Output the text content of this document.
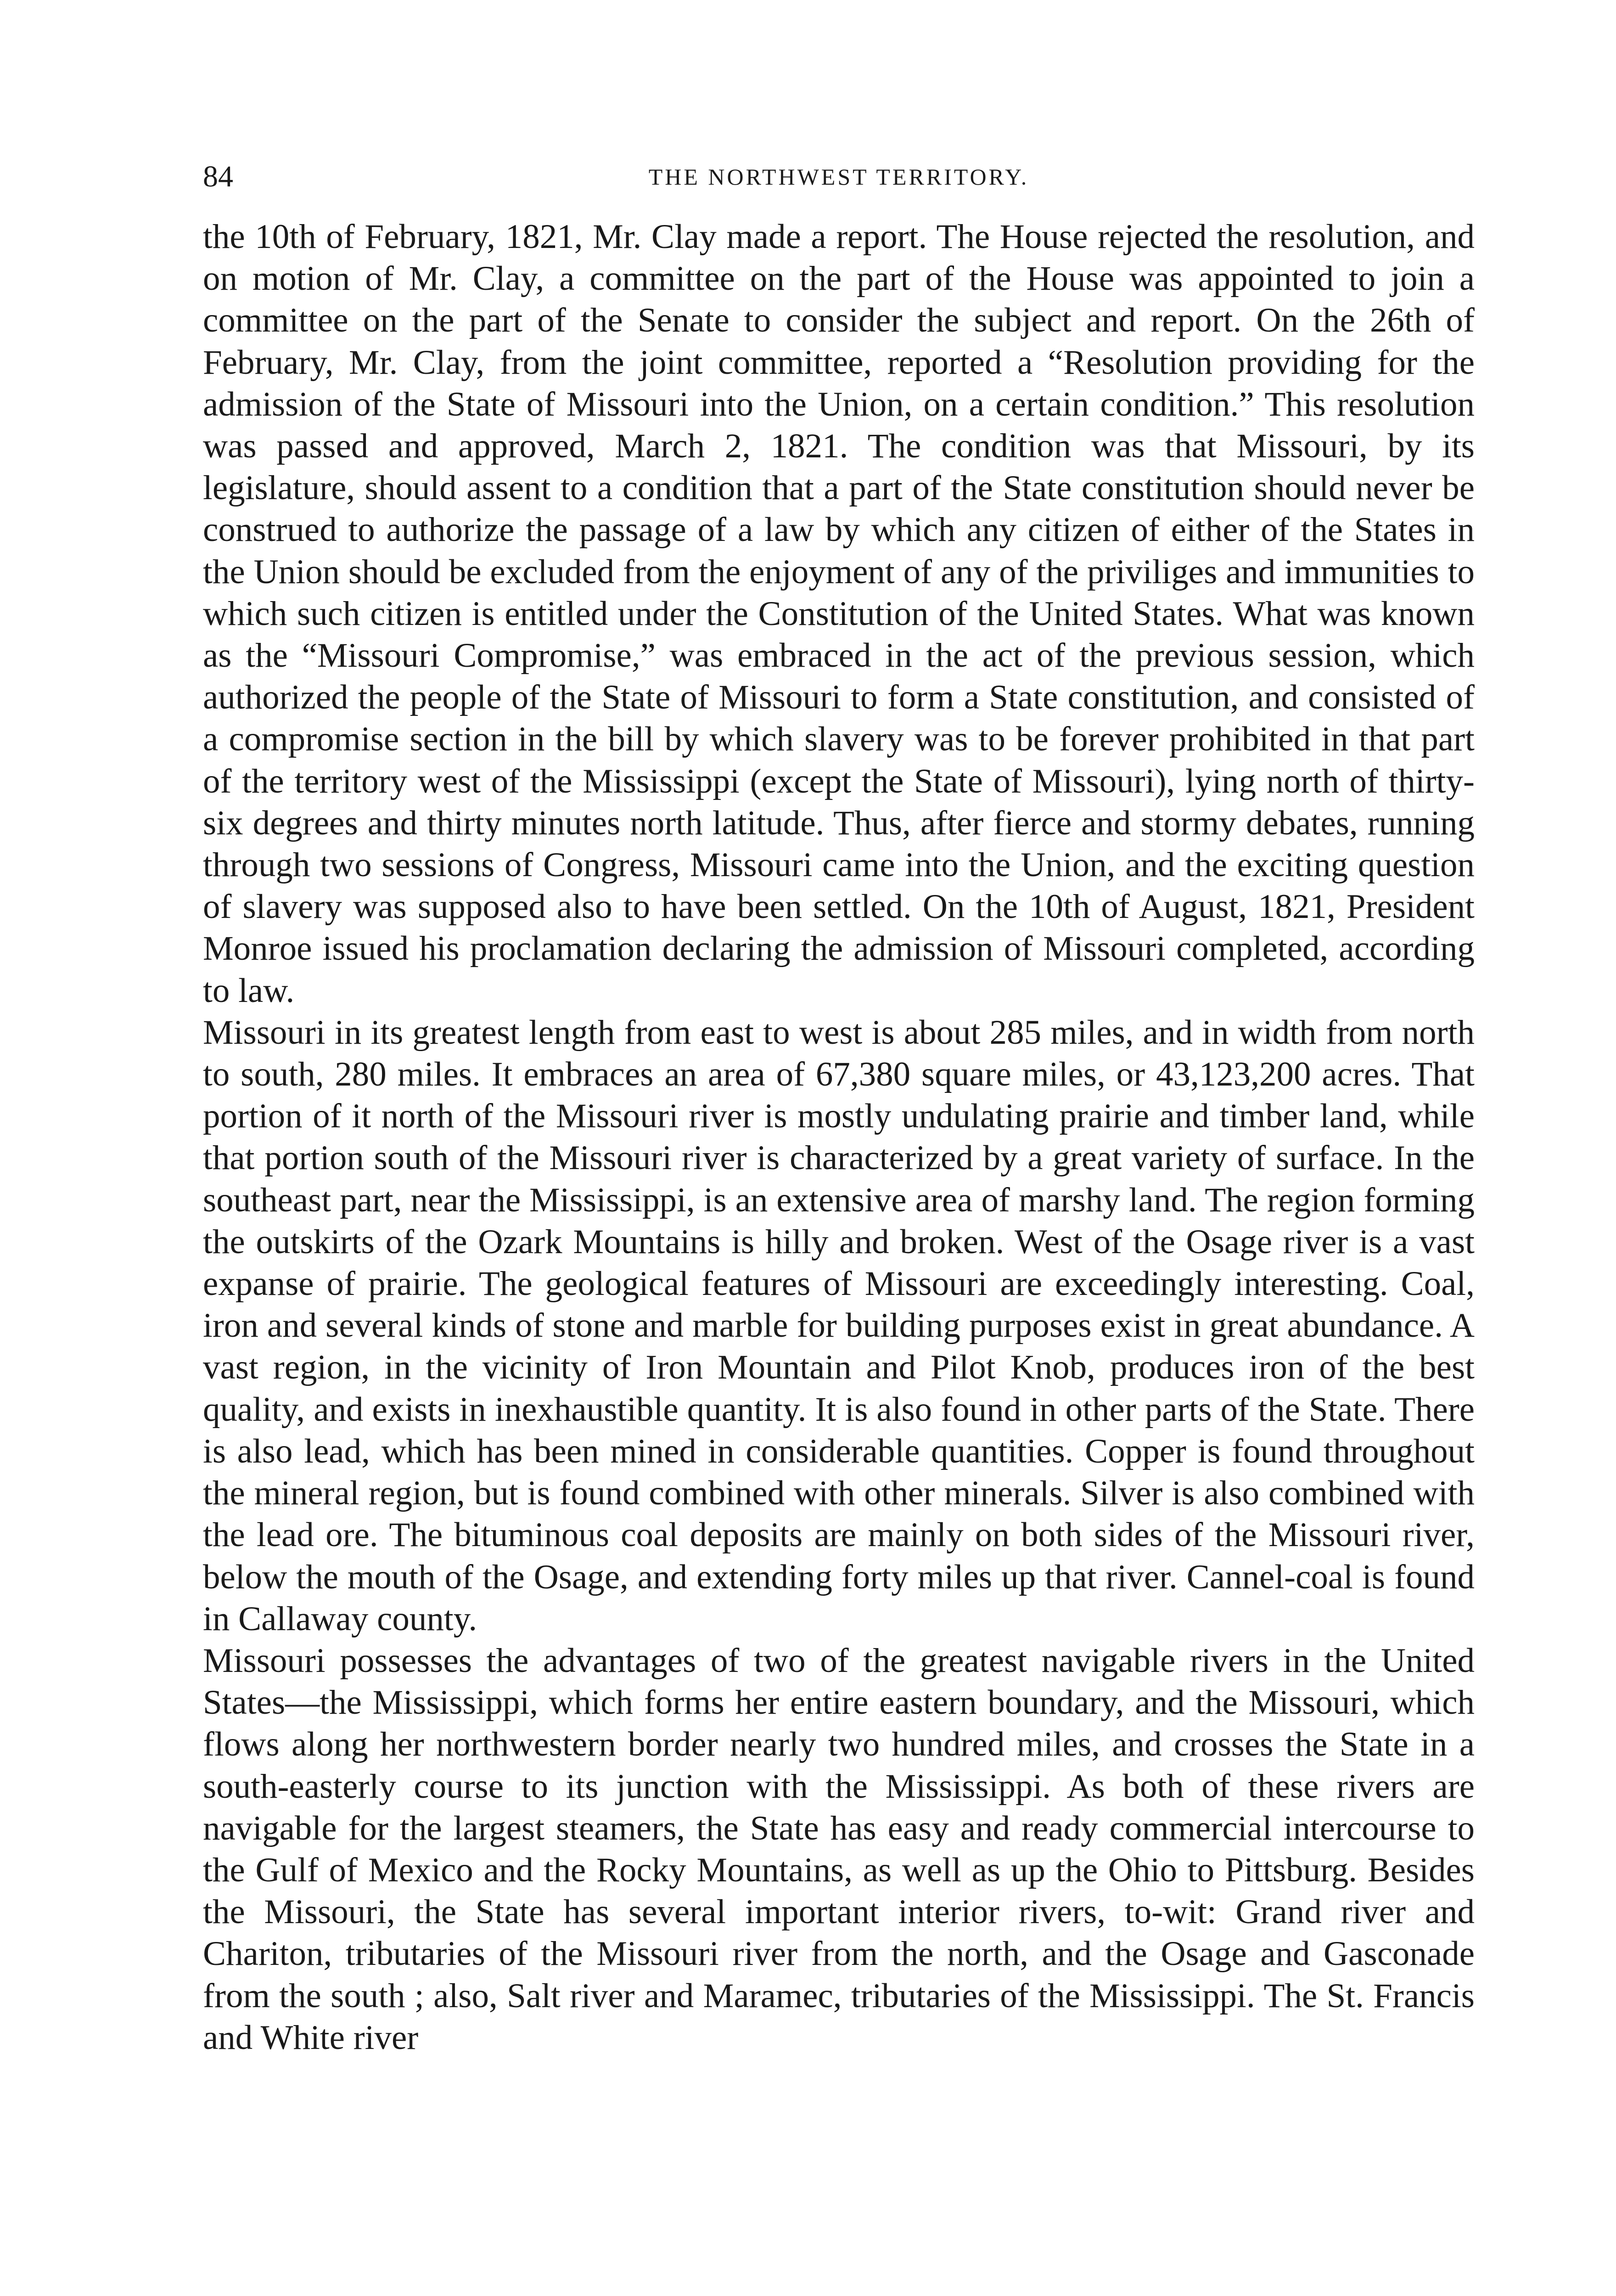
84	THE NORTHWEST TERRITORY.

the 10th of February, 1821, Mr. Clay made a report. The House rejected the resolution, and on motion of Mr. Clay, a committee on the part of the House was appointed to join a committee on the part of the Senate to consider the subject and report. On the 26th of February, Mr. Clay, from the joint committee, reported a “Resolution providing for the admission of the State of Missouri into the Union, on a certain condition.” This resolution was passed and approved, March 2, 1821. The condition was that Missouri, by its legislature, should assent to a condition that a part of the State constitution should never be construed to authorize the passage of a law by which any citizen of either of the States in the Union should be excluded from the enjoyment of any of the priviliges and immunities to which such citizen is entitled under the Constitution of the United States. What was known as the “Missouri Compromise,” was embraced in the act of the previous session, which authorized the people of the State of Missouri to form a State constitution, and consisted of a compromise section in the bill by which slavery was to be forever prohibited in that part of the territory west of the Mississippi (except the State of Missouri), lying north of thirty-six degrees and thirty minutes north latitude. Thus, after fierce and stormy debates, running through two sessions of Congress, Missouri came into the Union, and the exciting question of slavery was supposed also to have been settled. On the 10th of August, 1821, President Monroe issued his proclamation declaring the admission of Missouri completed, according to law.

Missouri in its greatest length from east to west is about 285 miles, and in width from north to south, 280 miles. It embraces an area of 67,380 square miles, or 43,123,200 acres. That portion of it north of the Missouri river is mostly undulating prairie and timber land, while that portion south of the Missouri river is characterized by a great variety of surface. In the southeast part, near the Mississippi, is an extensive area of marshy land. The region forming the outskirts of the Ozark Mountains is hilly and broken. West of the Osage river is a vast expanse of prairie. The geological features of Missouri are exceedingly interesting. Coal, iron and several kinds of stone and marble for building purposes exist in great abundance. A vast region, in the vicinity of Iron Mountain and Pilot Knob, produces iron of the best quality, and exists in inexhaustible quantity. It is also found in other parts of the State. There is also lead, which has been mined in considerable quantities. Copper is found throughout the mineral region, but is found combined with other minerals. Silver is also combined with the lead ore. The bituminous coal deposits are mainly on both sides of the Missouri river, below the mouth of the Osage, and extending forty miles up that river. Cannel-coal is found in Callaway county.

Missouri possesses the advantages of two of the greatest navigable rivers in the United States—the Mississippi, which forms her entire eastern boundary, and the Missouri, which flows along her northwestern border nearly two hundred miles, and crosses the State in a south-easterly course to its junction with the Mississippi. As both of these rivers are navigable for the largest steamers, the State has easy and ready commercial intercourse to the Gulf of Mexico and the Rocky Mountains, as well as up the Ohio to Pittsburg. Besides the Missouri, the State has several important interior rivers, to-wit: Grand river and Chariton, tributaries of the Missouri river from the north, and the Osage and Gasconade from the south ; also, Salt river and Maramec, tributaries of the Mississippi. The St. Francis and White river
